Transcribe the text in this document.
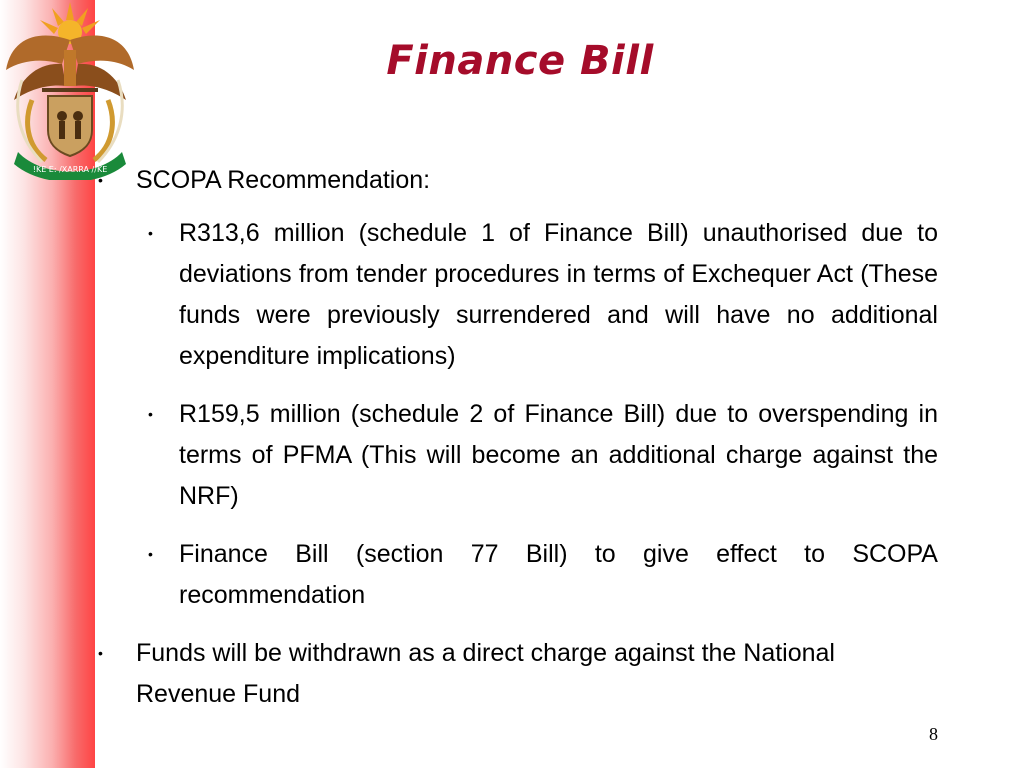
!KE E: /XARRA //KE
Finance Bill
• SCOPA Recommendation:
• R313,6 million (schedule 1 of Finance Bill) unauthorised due to deviations from tender procedures in terms of Exchequer Act (These funds were previously surrendered and will have no additional expenditure implications)
• R159,5 million (schedule 2 of Finance Bill) due to overspending in terms of PFMA (This will become an additional charge against the NRF)
• Finance Bill (section 77 Bill) to give effect to SCOPA recommendation
• Funds will be withdrawn as a direct charge against the National Revenue Fund
8
